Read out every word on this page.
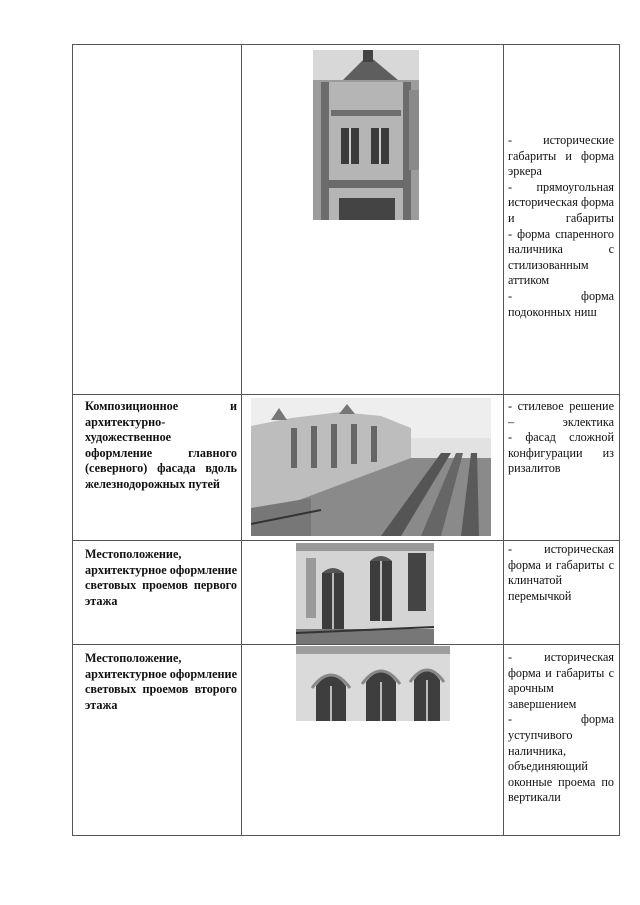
- исторические габариты и форма эркера

- прямоугольная историческая форма и габариты

- форма спаренного наличника с стилизованным аттиком

- форма подоконных ниш

Композиционное и архитектурно-художественное оформление главного (северного) фасада вдоль железнодорожных путей

- стилевое решение – эклектика

- фасад сложной конфигурации из ризалитов

Местоположение, архитектурное оформление световых проемов первого этажа

- историческая форма и габариты с клинчатой перемычкой

Местоположение, архитектурное оформление световых проемов второго этажа

- историческая форма и габариты с арочным завершением

- форма уступчивого наличника, объединяющий оконные проема по вертикали
